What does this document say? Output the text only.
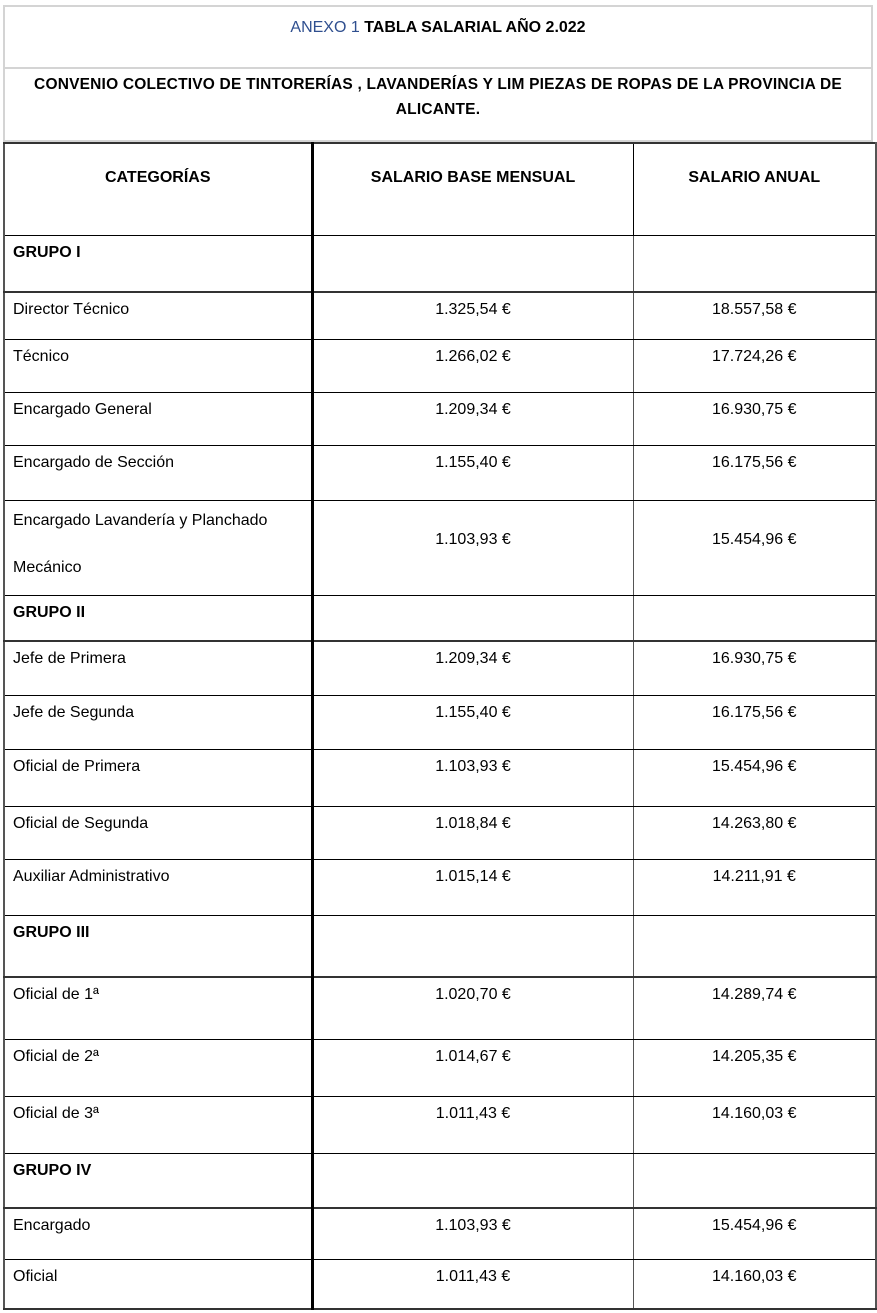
ANEXO 1 TABLA SALARIAL AÑO 2.022
CONVENIO COLECTIVO DE TINTORERÍAS , LAVANDERÍAS Y LIM PIEZAS DE ROPAS DE LA PROVINCIA DE ALICANTE.
CATEGORÍAS	SALARIO BASE MENSUAL	SALARIO ANUAL

GRUPO I		

Director Técnico	1.325,54 €	18.557,58 €

Técnico	1.266,02 €	17.724,26 €

Encargado General	1.209,34 €	16.930,75 €

Encargado de Sección	1.155,40 €	16.175,56 €

Encargado Lavandería y Planchado Mecánico	1.103,93 €	15.454,96 €

GRUPO II		

Jefe de Primera	1.209,34 €	16.930,75 €

Jefe de Segunda	1.155,40 €	16.175,56 €

Oficial de Primera	1.103,93 €	15.454,96 €

Oficial de Segunda	1.018,84 €	14.263,80 €

Auxiliar Administrativo	1.015,14 €	14.211,91 €

GRUPO III		

Oficial de 1ª	1.020,70 €	14.289,74 €

Oficial de 2ª	1.014,67 €	14.205,35 €

Oficial de 3ª	1.011,43 €	14.160,03 €

GRUPO IV		

Encargado	1.103,93 €	15.454,96 €

Oficial	1.011,43 €	14.160,03 €
